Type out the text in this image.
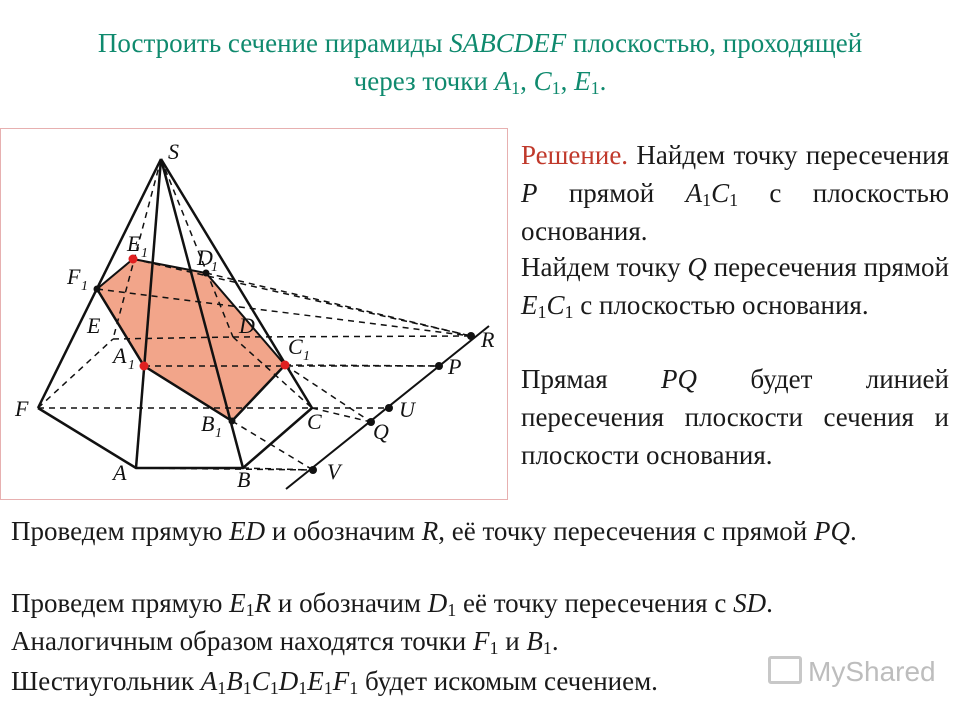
Построить сечение пирамиды SABCDEF плоскостью, проходящей
через точки $A_1$, $C_1$, $E_1$.
S
F
A	B
C
D
E
E 1 D
1
F 1
A 1
C 1
B 1
R
P
U
Q
V
Решение. Найдем точку пересечения P прямой $A_1C_1$ с плоскостью основания.
Найдем точку Q пересечения прямой $E_1C_1$ с плоскостью основания.
Прямая PQ будет линией пересечения плоскости сечения и плоскости основания.
Проведем прямую ED и обозначим R, её точку пересечения с прямой PQ.
Проведем прямую $E_1R$ и обозначим $D_1$ её точку пересечения с SD.
Аналогичным образом находятся точки $F_1$ и $B_1$.
Шестиугольник $A_1B_1C_1D_1E_1F_1$ будет искомым сечением.	MyShared
